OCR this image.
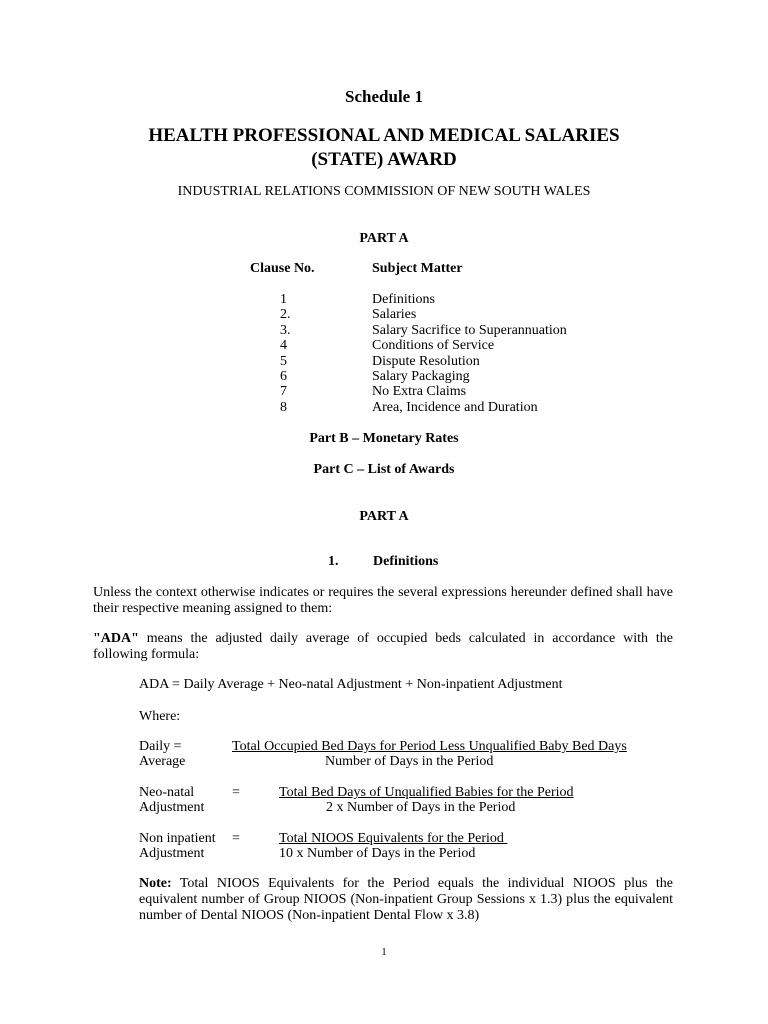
Schedule 1
HEALTH PROFESSIONAL AND MEDICAL SALARIES
(STATE) AWARD
INDUSTRIAL RELATIONS COMMISSION OF NEW SOUTH WALES
PART A
Clause No.	Subject Matter
1	Definitions
2.	Salaries
3.	Salary Sacrifice to Superannuation
4	Conditions of Service
5	Dispute Resolution
6	Salary Packaging
7	No Extra Claims
8	Area, Incidence and Duration
Part B – Monetary Rates
Part C – List of Awards
PART A
1. Definitions
Unless the context otherwise indicates or requires the several expressions hereunder defined shall have their respective meaning assigned to them:
"ADA" means the adjusted daily average of occupied beds calculated in accordance with the following formula:
ADA = Daily Average + Neo-natal Adjustment + Non-inpatient Adjustment
Where:
Daily =
Average
Total Occupied Bed Days for Period Less Unqualified Baby Bed Days
Number of Days in the Period
Neo-natal
Adjustment
=	Total Bed Days of Unqualified Babies for the Period
2 x Number of Days in the Period
Non inpatient
Adjustment
=	Total NIOOS Equivalents for the Period
10 x Number of Days in the Period
Note: Total NIOOS Equivalents for the Period equals the individual NIOOS plus the equivalent number of Group NIOOS (Non-inpatient Group Sessions x 1.3) plus the equivalent number of Dental NIOOS (Non-inpatient Dental Flow x 3.8)
1
